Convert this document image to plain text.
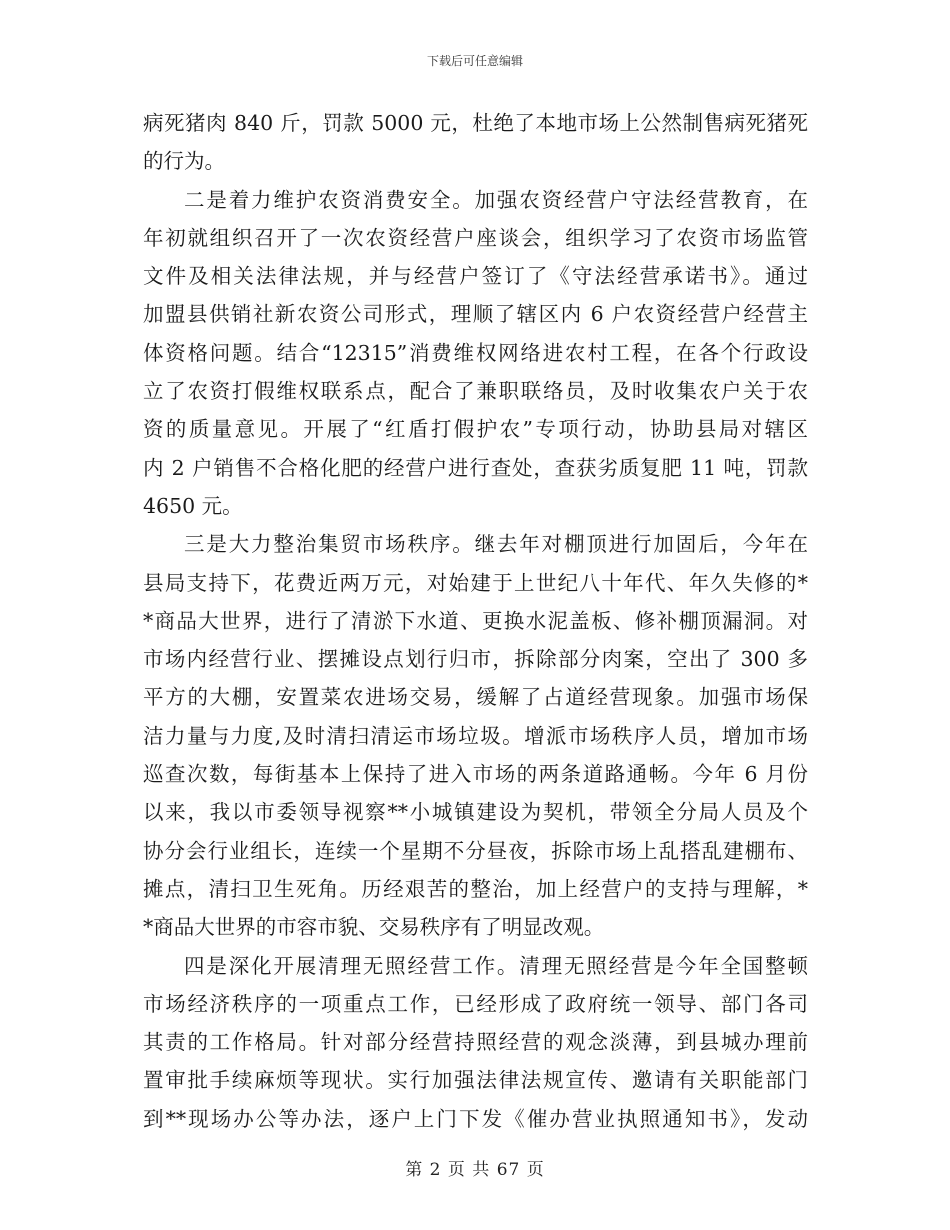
下载后可任意编辑
病死猪肉 840 斤，罚款 5000 元，杜绝了本地市场上公然制售病死猪死
的行为。
二是着力维护农资消费安全。加强农资经营户守法经营教育，在
年初就组织召开了一次农资经营户座谈会，组织学习了农资市场监管
文件及相关法律法规，并与经营户签订了《守法经营承诺书》。通过
加盟县供销社新农资公司形式，理顺了辖区内 6 户农资经营户经营主
体资格问题。结合“12315”消费维权网络进农村工程，在各个行政设
立了农资打假维权联系点，配合了兼职联络员，及时收集农户关于农
资的质量意见。开展了“红盾打假护农”专项行动，协助县局对辖区
内 2 户销售不合格化肥的经营户进行查处，查获劣质复肥 11 吨，罚款
4650 元。
三是大力整治集贸市场秩序。继去年对棚顶进行加固后，今年在
县局支持下，花费近两万元，对始建于上世纪八十年代、年久失修的*
*商品大世界，进行了清淤下水道、更换水泥盖板、修补棚顶漏洞。对
市场内经营行业、摆摊设点划行归市，拆除部分肉案，空出了 300 多
平方的大棚，安置菜农进场交易，缓解了占道经营现象。加强市场保
洁力量与力度,及时清扫清运市场垃圾。增派市场秩序人员，增加市场
巡查次数，每街基本上保持了进入市场的两条道路通畅。今年 6 月份
以来，我以市委领导视察**小城镇建设为契机，带领全分局人员及个
协分会行业组长，连续一个星期不分昼夜，拆除市场上乱搭乱建棚布、
摊点，清扫卫生死角。历经艰苦的整治，加上经营户的支持与理解，*
*商品大世界的市容市貌、交易秩序有了明显改观。
四是深化开展清理无照经营工作。清理无照经营是今年全国整顿
市场经济秩序的一项重点工作，已经形成了政府统一领导、部门各司
其责的工作格局。针对部分经营持照经营的观念淡薄，到县城办理前
置审批手续麻烦等现状。实行加强法律法规宣传、邀请有关职能部门
到**现场办公等办法，逐户上门下发《催办营业执照通知书》，发动
第 2 页 共 67 页
